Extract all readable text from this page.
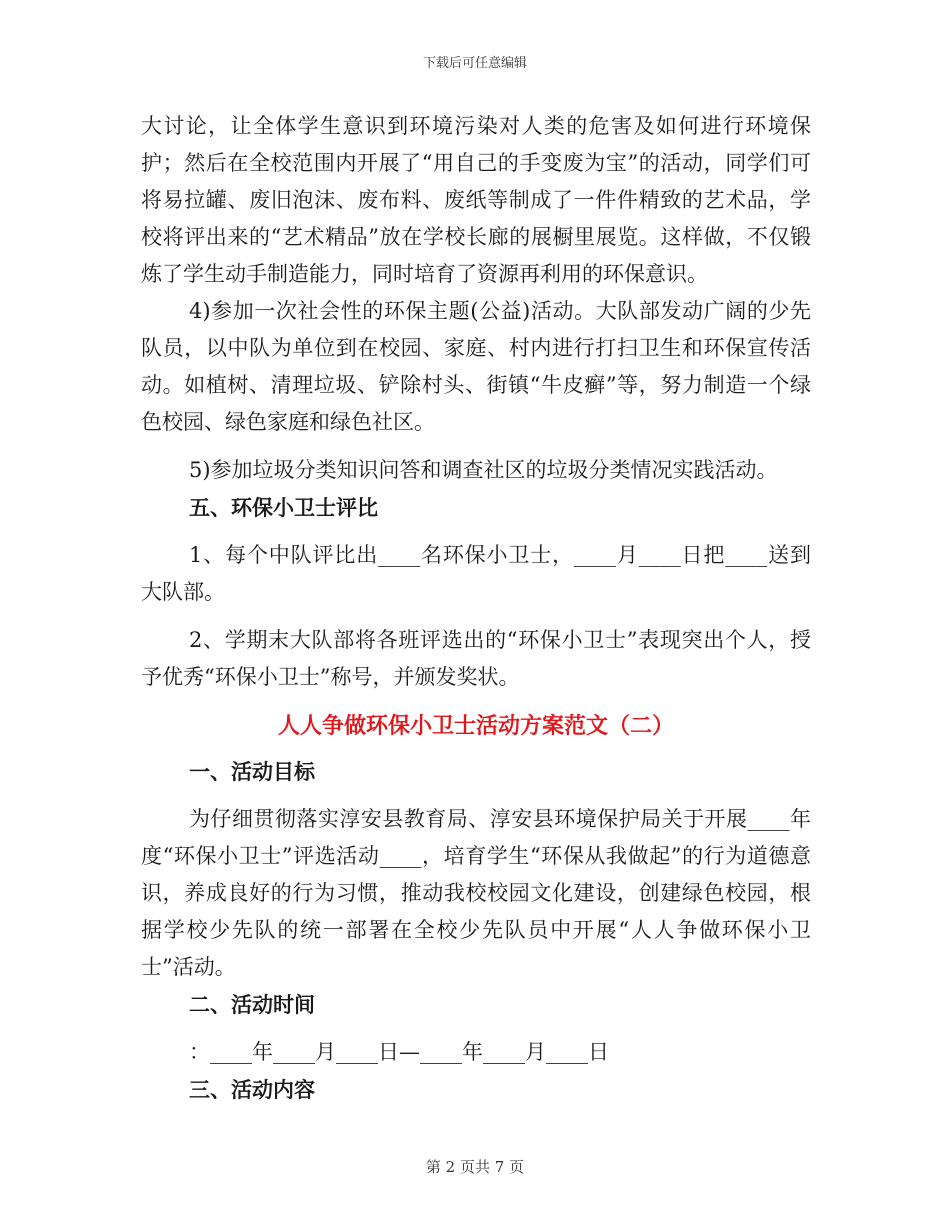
下载后可任意编辑

大讨论，让全体学生意识到环境污染对人类的危害及如何进行环境保护；然后在全校范围内开展了“用自己的手变废为宝”的活动，同学们可将易拉罐、废旧泡沫、废布料、废纸等制成了一件件精致的艺术品，学校将评出来的“艺术精品”放在学校长廊的展橱里展览。这样做，不仅锻炼了学生动手制造能力，同时培育了资源再利用的环保意识。

4)参加一次社会性的环保主题(公益)活动。大队部发动广阔的少先队员，以中队为单位到在校园、家庭、村内进行打扫卫生和环保宣传活动。如植树、清理垃圾、铲除村头、街镇“牛皮癣”等，努力制造一个绿色校园、绿色家庭和绿色社区。

5)参加垃圾分类知识问答和调查社区的垃圾分类情况实践活动。

五、环保小卫士评比

1、每个中队评比出____名环保小卫士，____月____日把____送到大队部。

2、学期末大队部将各班评选出的“环保小卫士”表现突出个人，授予优秀“环保小卫士”称号，并颁发奖状。

人人争做环保小卫士活动方案范文（二）

一、活动目标

为仔细贯彻落实淳安县教育局、淳安县环境保护局关于开展____年度“环保小卫士”评选活动____，培育学生“环保从我做起”的行为道德意识，养成良好的行为习惯，推动我校校园文化建设，创建绿色校园，根据学校少先队的统一部署在全校少先队员中开展“人人争做环保小卫士”活动。

二、活动时间

：____年____月____日—____年____月____日

三、活动内容

第 2 页共 7 页
